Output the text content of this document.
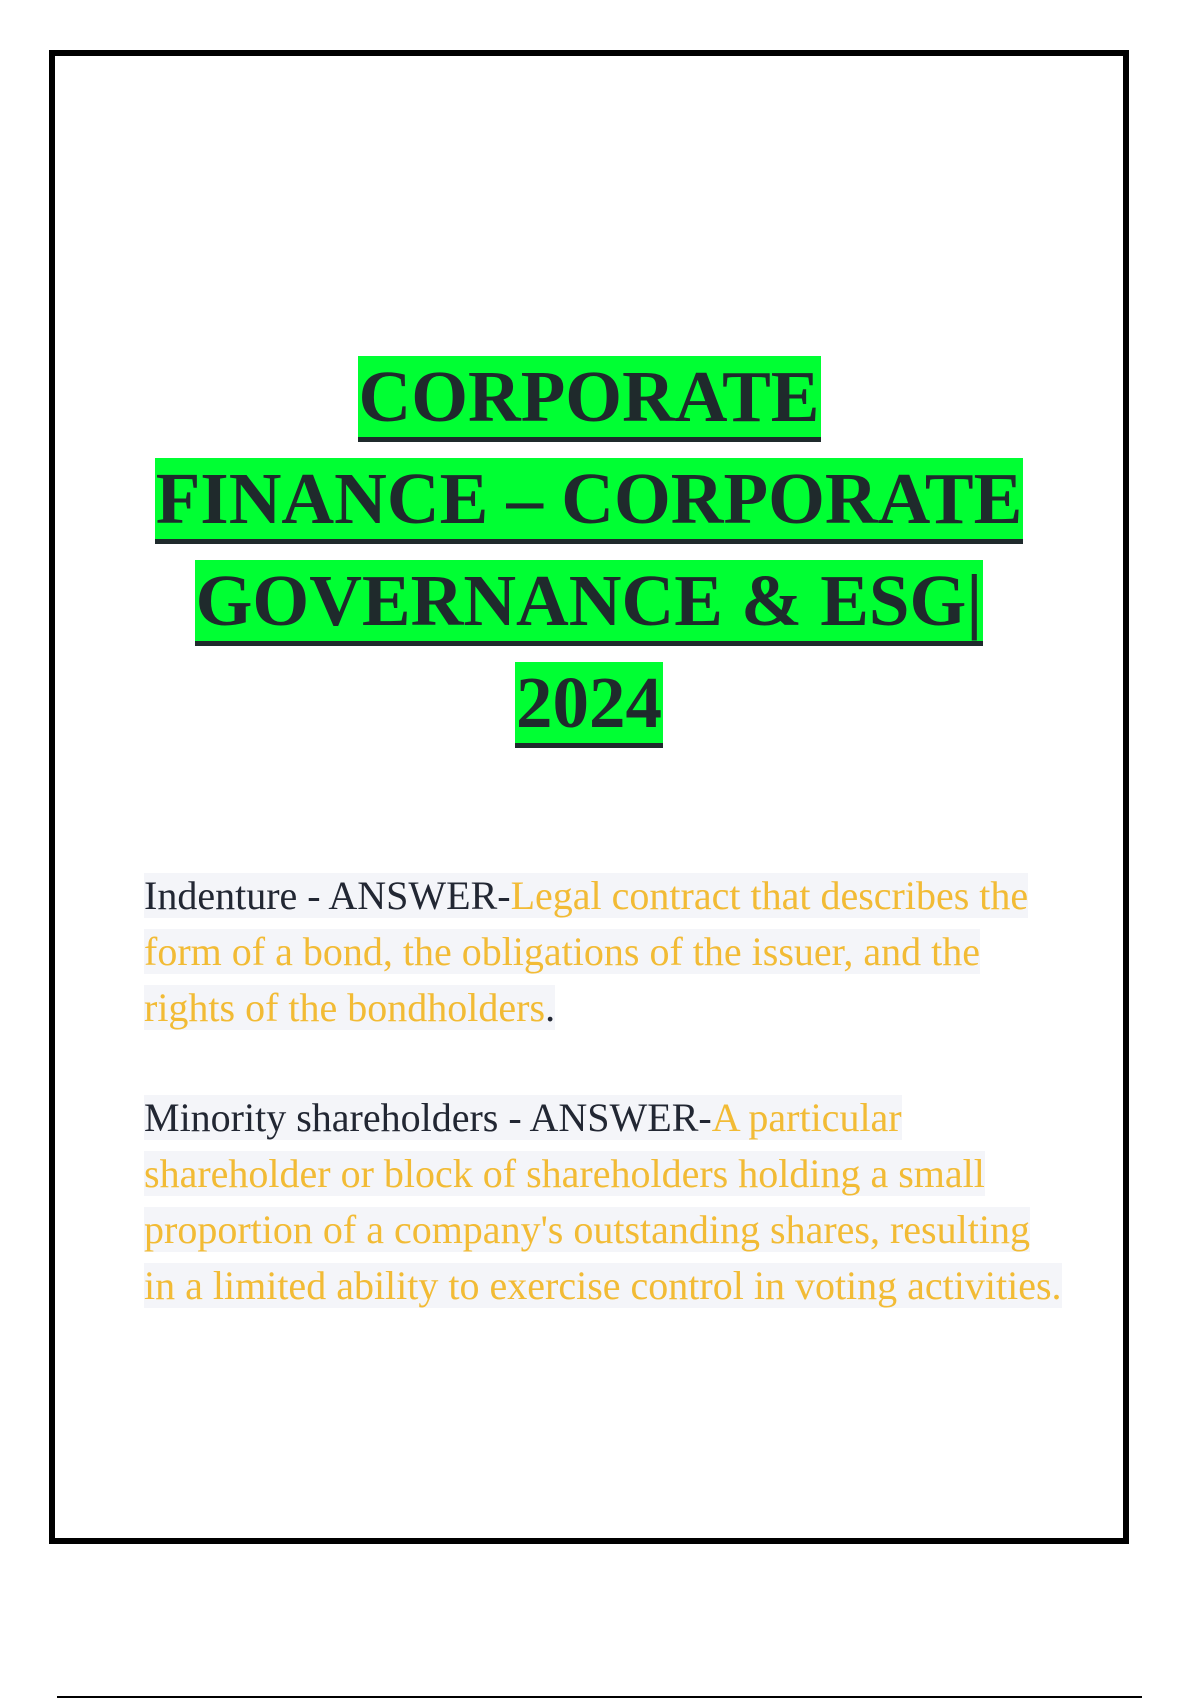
CORPORATE

FINANCE – CORPORATE

GOVERNANCE & ESG|

2024

Indenture - ANSWER-Legal contract that describes the form of a bond, the obligations of the issuer, and the rights of the bondholders.
Minority shareholders - ANSWER-A particular shareholder or block of shareholders holding a small proportion of a company's outstanding shares, resulting in a limited ability to exercise control in voting activities.
